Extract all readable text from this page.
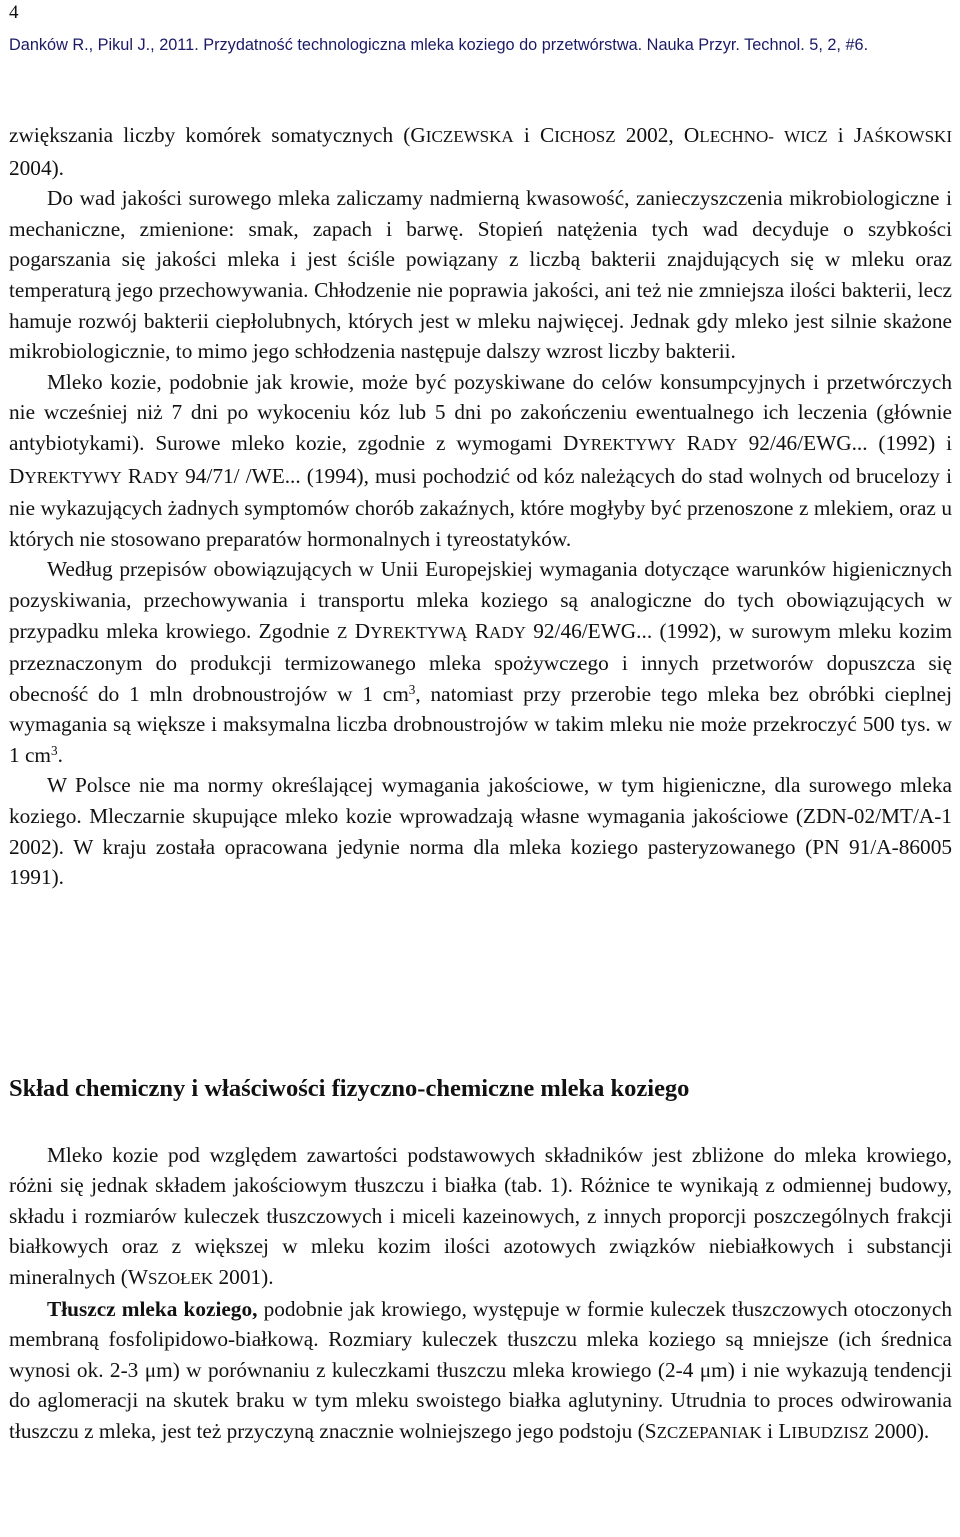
4
Danków R., Pikul J., 2011. Przydatność technologiczna mleka koziego do przetwórstwa. Nauka Przyr. Technol. 5, 2, #6.

zwiększania liczby komórek somatycznych (GICZEWSKA i CICHOSZ 2002, OLECHNO- WICZ i JAŚKOWSKI 2004).

Do wad jakości surowego mleka zaliczamy nadmierną kwasowość, zanieczyszczenia mikrobiologiczne i mechaniczne, zmienione: smak, zapach i barwę. Stopień natężenia tych wad decyduje o szybkości pogarszania się jakości mleka i jest ściśle powiązany z liczbą bakterii znajdujących się w mleku oraz temperaturą jego przechowywania. Chłodzenie nie poprawia jakości, ani też nie zmniejsza ilości bakterii, lecz hamuje rozwój bakterii ciepłolubnych, których jest w mleku najwięcej. Jednak gdy mleko jest silnie skażone mikrobiologicznie, to mimo jego schłodzenia następuje dalszy wzrost liczby bakterii.

Mleko kozie, podobnie jak krowie, może być pozyskiwane do celów konsumpcyjnych i przetwórczych nie wcześniej niż 7 dni po wykoceniu kóz lub 5 dni po zakończeniu ewentualnego ich leczenia (głównie antybiotykami). Surowe mleko kozie, zgodnie z wymogami DYREKTYWY RADY 92/46/EWG... (1992) i DYREKTYWY RADY 94/71/ /WE... (1994), musi pochodzić od kóz należących do stad wolnych od brucelozy i nie wykazujących żadnych symptomów chorób zakaźnych, które mogłyby być przenoszone z mlekiem, oraz u których nie stosowano preparatów hormonalnych i tyreostatyków.

Według przepisów obowiązujących w Unii Europejskiej wymagania dotyczące warunków higienicznych pozyskiwania, przechowywania i transportu mleka koziego są analogiczne do tych obowiązujących w przypadku mleka krowiego. Zgodnie Z DYREKTYWĄ RADY 92/46/EWG... (1992), w surowym mleku kozim przeznaczonym do produkcji termizowanego mleka spożywczego i innych przetworów dopuszcza się obecność do 1 mln drobnoustrojów w 1 $cm^3$, natomiast przy przerobie tego mleka bez obróbki cieplnej wymagania są większe i maksymalna liczba drobnoustrojów w takim mleku nie może przekroczyć 500 tys. w 1 $cm^3$.

W Polsce nie ma normy określającej wymagania jakościowe, w tym higieniczne, dla surowego mleka koziego. Mleczarnie skupujące mleko kozie wprowadzają własne wymagania jakościowe (ZDN-02/MT/A-1 2002). W kraju została opracowana jedynie norma dla mleka koziego pasteryzowanego (PN 91/A-86005 1991).

Skład chemiczny i właściwości fizyczno-chemiczne mleka koziego

Mleko kozie pod względem zawartości podstawowych składników jest zbliżone do mleka krowiego, różni się jednak składem jakościowym tłuszczu i białka (tab. 1). Różnice te wynikają z odmiennej budowy, składu i rozmiarów kuleczek tłuszczowych i miceli kazeinowych, z innych proporcji poszczególnych frakcji białkowych oraz z większej w mleku kozim ilości azotowych związków niebiałkowych i substancji mineralnych (WSZOŁEK 2001).

Tłuszcz mleka koziego, podobnie jak krowiego, występuje w formie kuleczek tłuszczowych otoczonych membraną fosfolipidowo-białkową. Rozmiary kuleczek tłuszczu mleka koziego są mniejsze (ich średnica wynosi ok. 2-3 μm) w porównaniu z kuleczkami tłuszczu mleka krowiego (2-4 μm) i nie wykazują tendencji do aglomeracji na skutek braku w tym mleku swoistego białka aglutyniny. Utrudnia to proces odwirowania tłuszczu z mleka, jest też przyczyną znacznie wolniejszego jego podstoju (SZCZEPANIAK i LIBUDZISZ 2000).
